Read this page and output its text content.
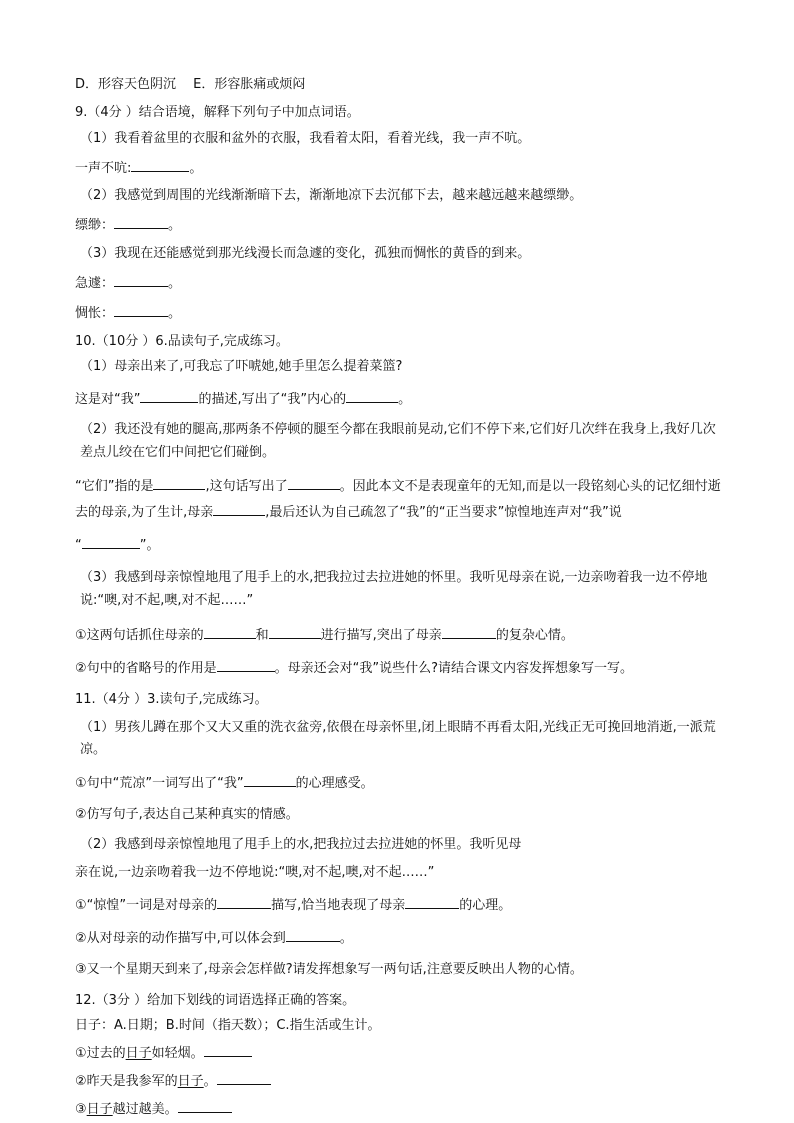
D．形容天色阴沉　 E．形容胀痛或烦闷

9.（4分 ）结合语境，解释下列句子中加点词语。

（1）我看着盆里的衣服和盆外的衣服，我看着太阳，看着光线，我一声不吭。

一声不吭:	。

（2）我感觉到周围的光线渐渐暗下去，渐渐地凉下去沉郁下去，越来越远越来越缥缈。

缥缈：	。

（3）我现在还能感觉到那光线漫长而急遽的变化，孤独而惆怅的黄昏的到来。

急遽：	。

惆怅：	。

10.（10分 ）6.品读句子,完成练习。

（1）母亲出来了,可我忘了吓唬她,她手里怎么提着菜篮?

这是对“我”	的描述,写出了“我”内心的	。

（2）我还没有她的腿高,那两条不停顿的腿至今都在我眼前晃动,它们不停下来,它们好几次绊在我身上,我好几次差点儿绞在它们中间把它们碰倒。

“它们”指的是	,这句话写出了	。因此本文不是表现童年的无知,而是以一段铭刻心头的记忆细忖逝去的母亲,为了生计,母亲	,最后还认为自己疏忽了“我”的“正当要求”惊惶地连声对“我”说

“	”。

（3）我感到母亲惊惶地甩了甩手上的水,把我拉过去拉进她的怀里。我听见母亲在说,一边亲吻着我一边不停地说:“噢,对不起,噢,对不起……”

①这两句话抓住母亲的	和	进行描写,突出了母亲	的复杂心情。

②句中的省略号的作用是	。母亲还会对“我”说些什么?请结合课文内容发挥想象写一写。

11.（4分 ）3.读句子,完成练习。

（1）男孩儿蹲在那个又大又重的洗衣盆旁,依偎在母亲怀里,闭上眼睛不再看太阳,光线正无可挽回地消逝,一派荒凉。

①句中“荒凉”一词写出了“我”	的心理感受。

②仿写句子,表达自己某种真实的情感。

（2）我感到母亲惊惶地甩了甩手上的水,把我拉过去拉进她的怀里。我听见母

亲在说,一边亲吻着我一边不停地说:“噢,对不起,噢,对不起……”

①“惊惶”一词是对母亲的	描写,恰当地表现了母亲	的心理。

②从对母亲的动作描写中,可以体会到	。

③又一个星期天到来了,母亲会怎样做?请发挥想象写一两句话,注意要反映出人物的心情。

12.（3分 ）给加下划线的词语选择正确的答案。

日子：A.日期；B.时间（指天数）；C.指生活或生计。

①过去的日子如轻烟。

②昨天是我参军的日子。

③日子越过越美。
